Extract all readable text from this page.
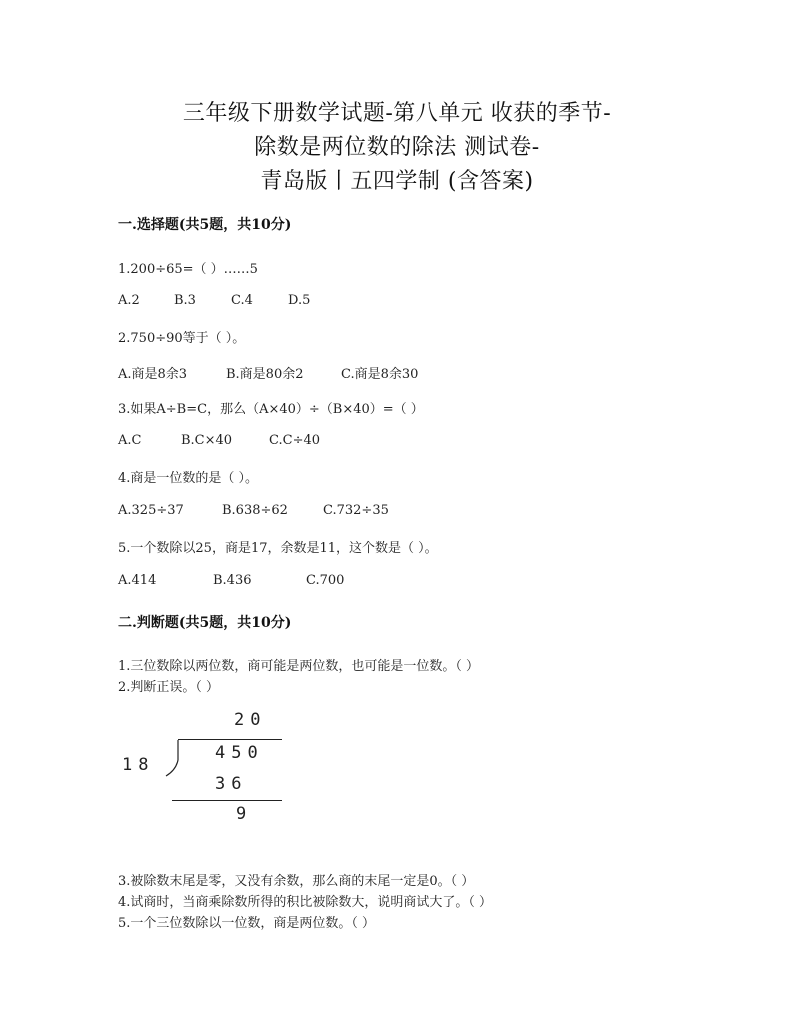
三年级下册数学试题-第八单元 收获的季节-
除数是两位数的除法 测试卷-
青岛版丨五四学制 (含答案)
一.选择题(共5题，共10分)
1.200÷65=（ ）……5
A.2	B.3	C.4	D.5
2.750÷90等于（ ）。
A.商是8余3	B.商是80余2	C.商是8余30
3.如果A÷B=C，那么（A×40）÷（B×40）=（ ）
A.C	B.C×40	C.C÷40
4.商是一位数的是（ ）。
A.325÷37	B.638÷62	C.732÷35
5.一个数除以25，商是17，余数是11，这个数是（ ）。
A.414	B.436	C.700
二.判断题(共5题，共10分)
1.三位数除以两位数，商可能是两位数，也可能是一位数。（ ）
2.判断正误。（ ）
20
18
450
36
9
3.被除数末尾是零，又没有余数，那么商的末尾一定是0。（ ）
4.试商时，当商乘除数所得的积比被除数大，说明商试大了。（ ）
5.一个三位数除以一位数，商是两位数。（ ）
